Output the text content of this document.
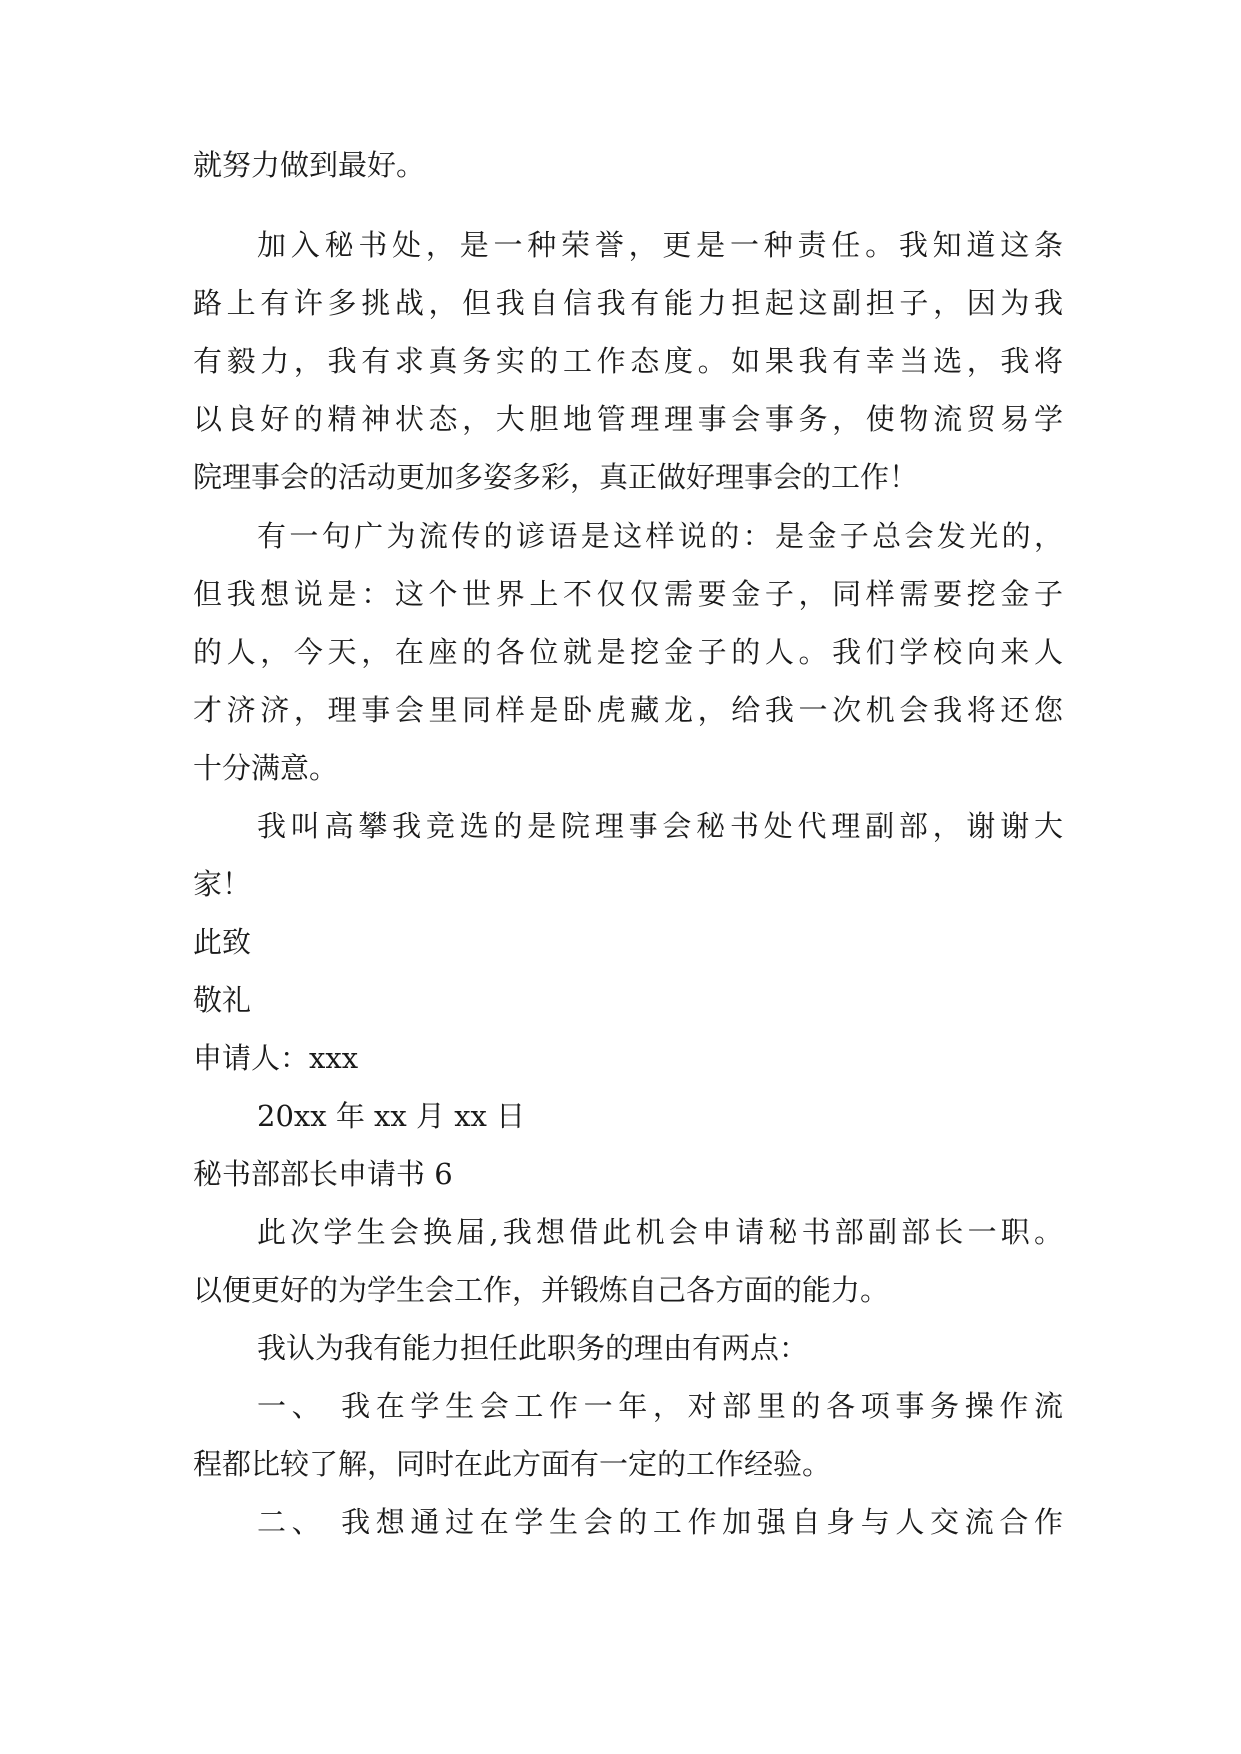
就努力做到最好。
加入秘书处，是一种荣誉，更是一种责任。我知道这条
路上有许多挑战，但我自信我有能力担起这副担子，因为我
有毅力，我有求真务实的工作态度。如果我有幸当选，我将
以良好的精神状态，大胆地管理理事会事务，使物流贸易学
院理事会的活动更加多姿多彩，真正做好理事会的工作！
有一句广为流传的谚语是这样说的：是金子总会发光的，
但我想说是：这个世界上不仅仅需要金子，同样需要挖金子
的人，今天，在座的各位就是挖金子的人。我们学校向来人
才济济，理事会里同样是卧虎藏龙，给我一次机会我将还您
十分满意。
我叫高攀我竞选的是院理事会秘书处代理副部，谢谢大
家！
此致
敬礼
申请人：xxx
20xx 年 xx 月 xx 日
秘书部部长申请书 6
此次学生会换届,我想借此机会申请秘书部副部长一职。
以便更好的为学生会工作，并锻炼自己各方面的能力。
我认为我有能力担任此职务的理由有两点：
一、 我在学生会工作一年，对部里的各项事务操作流
程都比较了解，同时在此方面有一定的工作经验。
二、 我想通过在学生会的工作加强自身与人交流合作
